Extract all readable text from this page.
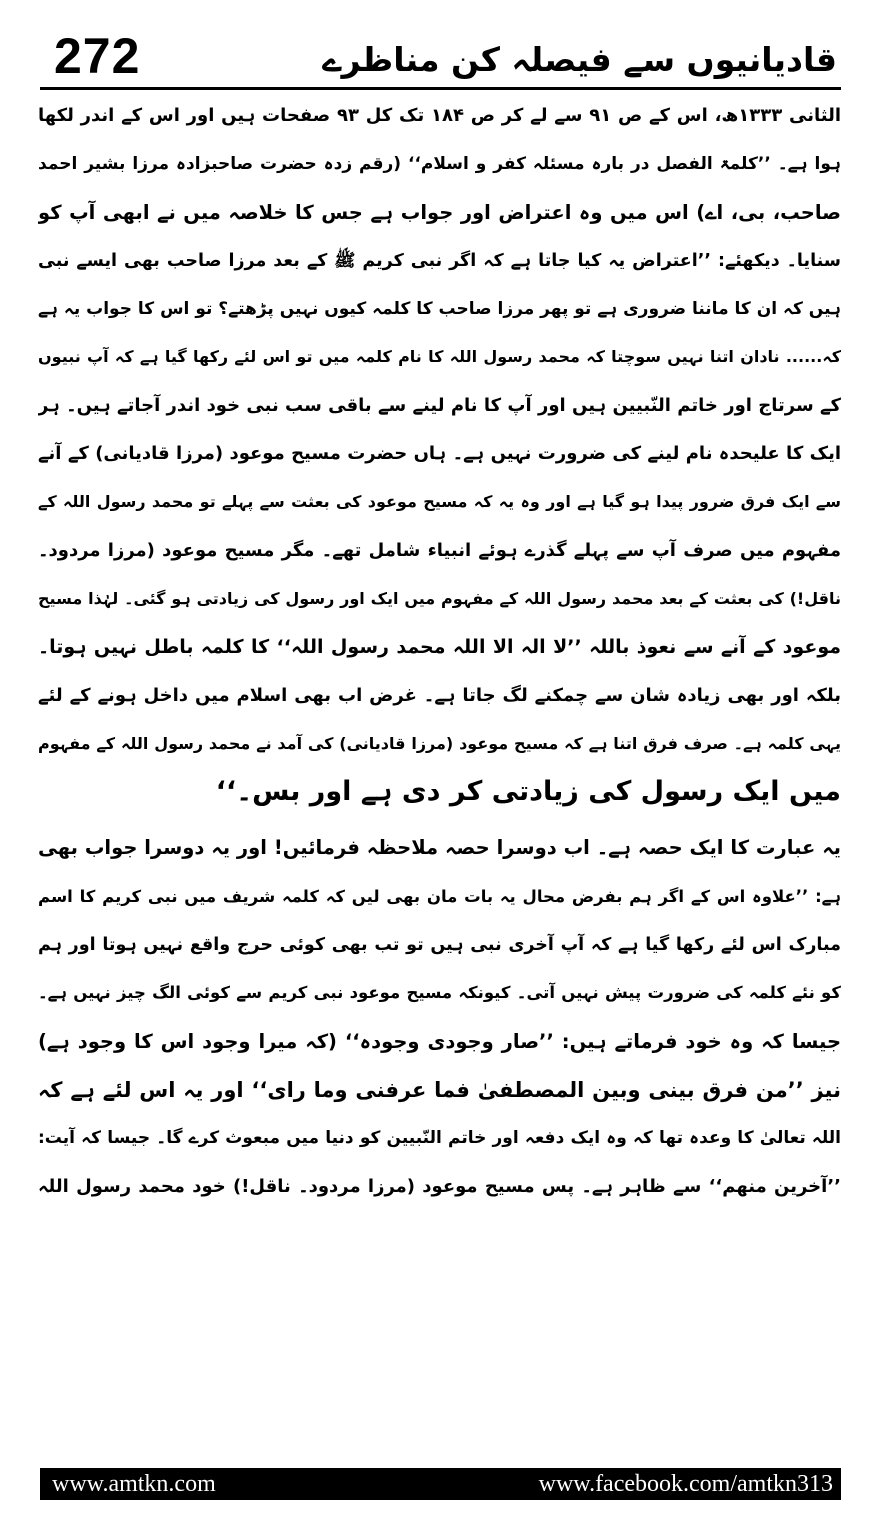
272	قادیانیوں سے فیصلہ کن مناظرے
الثانی ۱۳۳۳ھ، اس کے ص ۹۱ سے لے کر ص ۱۸۴ تک کل ۹۳ صفحات ہیں اور اس کے اندر لکھا
ہوا ہے۔ ’’کلمۃ الفصل در بارہ مسئلہ کفر و اسلام‘‘ (رقم زدہ حضرت صاحبزادہ مرزا بشیر احمد
صاحب، بی، اے) اس میں وہ اعتراض اور جواب ہے جس کا خلاصہ میں نے ابھی آپ کو
سنایا۔ دیکھئے: ’’اعتراض یہ کیا جاتا ہے کہ اگر نبی کریم ﷺ کے بعد مرزا صاحب بھی ایسے نبی
ہیں کہ ان کا ماننا ضروری ہے تو پھر مرزا صاحب کا کلمہ کیوں نہیں پڑھتے؟ تو اس کا جواب یہ ہے
کہ...... نادان اتنا نہیں سوچتا کہ محمد رسول اللہ کا نام کلمہ میں تو اس لئے رکھا گیا ہے کہ آپ نبیوں
کے سرتاج اور خاتم النّبیین ہیں اور آپ کا نام لینے سے باقی سب نبی خود اندر آجاتے ہیں۔ ہر
ایک کا علیحدہ نام لینے کی ضرورت نہیں ہے۔ ہاں حضرت مسیح موعود (مرزا قادیانی) کے آنے
سے ایک فرق ضرور پیدا ہو گیا ہے اور وہ یہ کہ مسیح موعود کی بعثت سے پہلے تو محمد رسول اللہ کے
مفہوم میں صرف آپ سے پہلے گذرے ہوئے انبیاء شامل تھے۔ مگر مسیح موعود (مرزا مردود۔
ناقل!) کی بعثت کے بعد محمد رسول اللہ کے مفہوم میں ایک اور رسول کی زیادتی ہو گئی۔ لہٰذا مسیح
موعود کے آنے سے نعوذ باللہ ’’لا الہ الا اللہ محمد رسول اللہ‘‘ کا کلمہ باطل نہیں ہوتا۔
بلکہ اور بھی زیادہ شان سے چمکنے لگ جاتا ہے۔ غرض اب بھی اسلام میں داخل ہونے کے لئے
یہی کلمہ ہے۔ صرف فرق اتنا ہے کہ مسیح موعود (مرزا قادیانی) کی آمد نے محمد رسول اللہ کے مفہوم
میں ایک رسول کی زیادتی کر دی ہے اور بس۔‘‘
یہ عبارت کا ایک حصہ ہے۔ اب دوسرا حصہ ملاحظہ فرمائیں! اور یہ دوسرا جواب بھی
ہے: ’’علاوہ اس کے اگر ہم بفرض محال یہ بات مان بھی لیں کہ کلمہ شریف میں نبی کریم کا اسم
مبارک اس لئے رکھا گیا ہے کہ آپ آخری نبی ہیں تو تب بھی کوئی حرج واقع نہیں ہوتا اور ہم
کو نئے کلمہ کی ضرورت پیش نہیں آتی۔ کیونکہ مسیح موعود نبی کریم سے کوئی الگ چیز نہیں ہے۔
جیسا کہ وہ خود فرماتے ہیں: ’’صار وجودی وجودہ‘‘ (کہ میرا وجود اس کا وجود ہے)
نیز ’’من فرق بینی وبین المصطفیٰ فما عرفنی وما رای‘‘ اور یہ اس لئے ہے کہ
اللہ تعالیٰ کا وعدہ تھا کہ وہ ایک دفعہ اور خاتم النّبیین کو دنیا میں مبعوث کرے گا۔ جیسا کہ آیت:
’’آخرین منھم‘‘ سے ظاہر ہے۔ پس مسیح موعود (مرزا مردود۔ ناقل!) خود محمد رسول اللہ
www.amtkn.com	www.facebook.com/amtkn313
